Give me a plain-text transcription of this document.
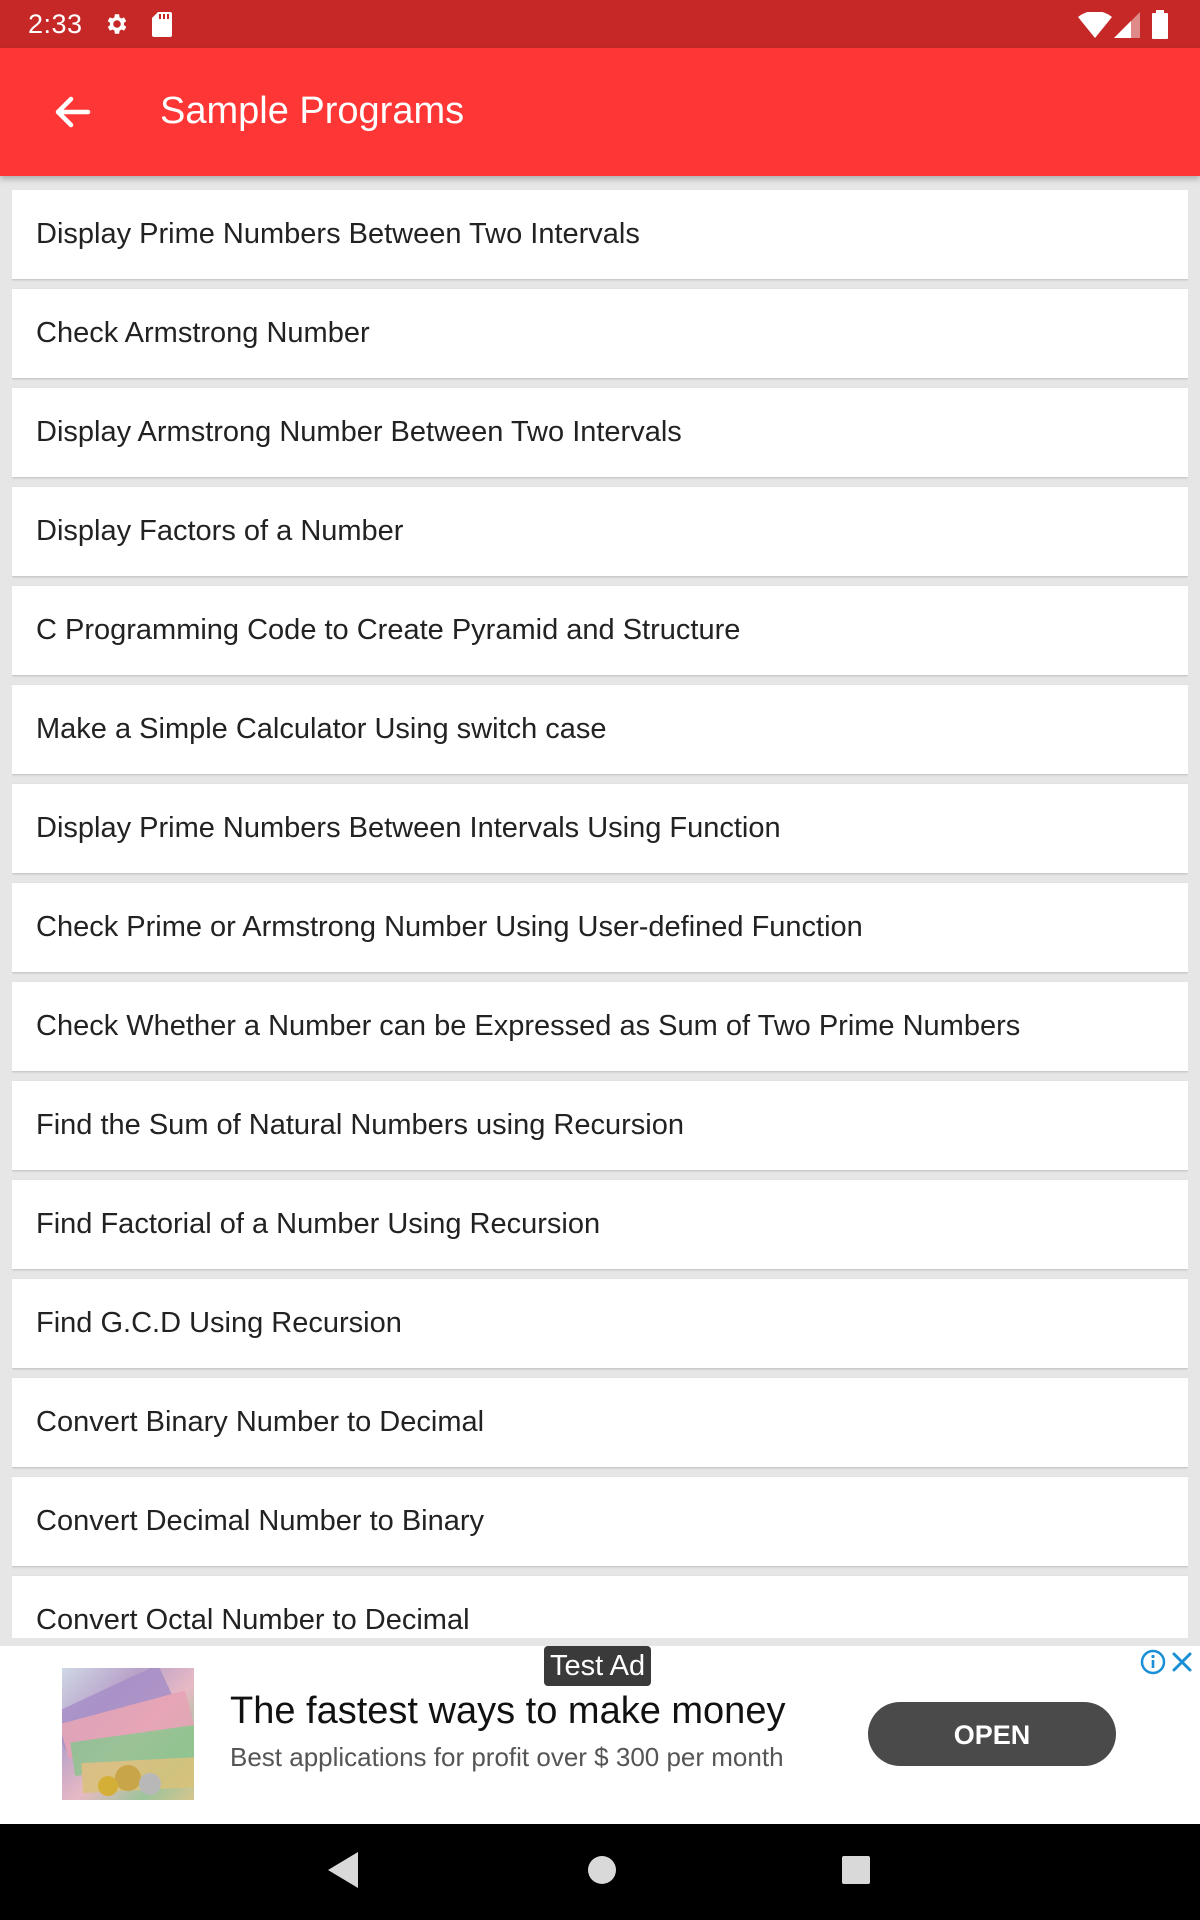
2:33
Sample Programs
Display Prime Numbers Between Two Intervals
Check Armstrong Number
Display Armstrong Number Between Two Intervals
Display Factors of a Number
C Programming Code to Create Pyramid and Structure
Make a Simple Calculator Using switch case
Display Prime Numbers Between Intervals Using Function
Check Prime or Armstrong Number Using User-defined Function
Check Whether a Number can be Expressed as Sum of Two Prime Numbers
Find the Sum of Natural Numbers using Recursion
Find Factorial of a Number Using Recursion
Find G.C.D Using Recursion
Convert Binary Number to Decimal
Convert Decimal Number to Binary
Convert Octal Number to Decimal
Test Ad
The fastest ways to make money
Best applications for profit over $ 300 per month
OPEN
